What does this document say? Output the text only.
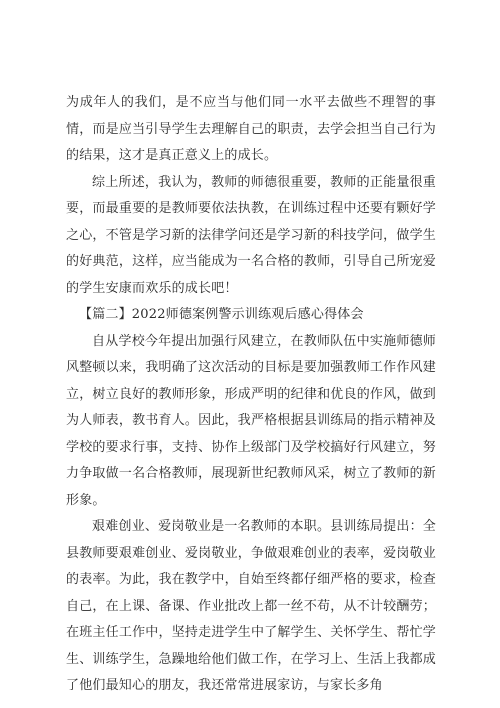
为成年人的我们，是不应当与他们同一水平去做些不理智的事情，而是应当引导学生去理解自己的职责，去学会担当自己行为的结果，这才是真正意义上的成长。

综上所述，我认为，教师的师德很重要，教师的正能量很重要，而最重要的是教师要依法执教，在训练过程中还要有颗好学之心，不管是学习新的法律学问还是学习新的科技学问，做学生的好典范，这样，应当能成为一名合格的教师，引导自己所宠爱的学生安康而欢乐的成长吧！

【篇二】2022师德案例警示训练观后感心得体会

自从学校今年提出加强行风建立，在教师队伍中实施师德师风整顿以来，我明确了这次活动的目标是要加强教师工作作风建立，树立良好的教师形象，形成严明的纪律和优良的作风，做到为人师表，教书育人。因此，我严格根据县训练局的指示精神及学校的要求行事，支持、协作上级部门及学校搞好行风建立，努力争取做一名合格教师，展现新世纪教师风采，树立了教师的新形象。

艰难创业、爱岗敬业是一名教师的本职。县训练局提出：全县教师要艰难创业、爱岗敬业，争做艰难创业的表率，爱岗敬业的表率。为此，我在教学中，自始至终都仔细严格的要求，检查自己，在上课、备课、作业批改上都一丝不苟，从不计较酬劳；在班主任工作中，坚持走进学生中了解学生、关怀学生、帮忙学生、训练学生，急躁地给他们做工作，在学习上、生活上我都成了他们最知心的朋友，我还常常进展家访，与家长多角
